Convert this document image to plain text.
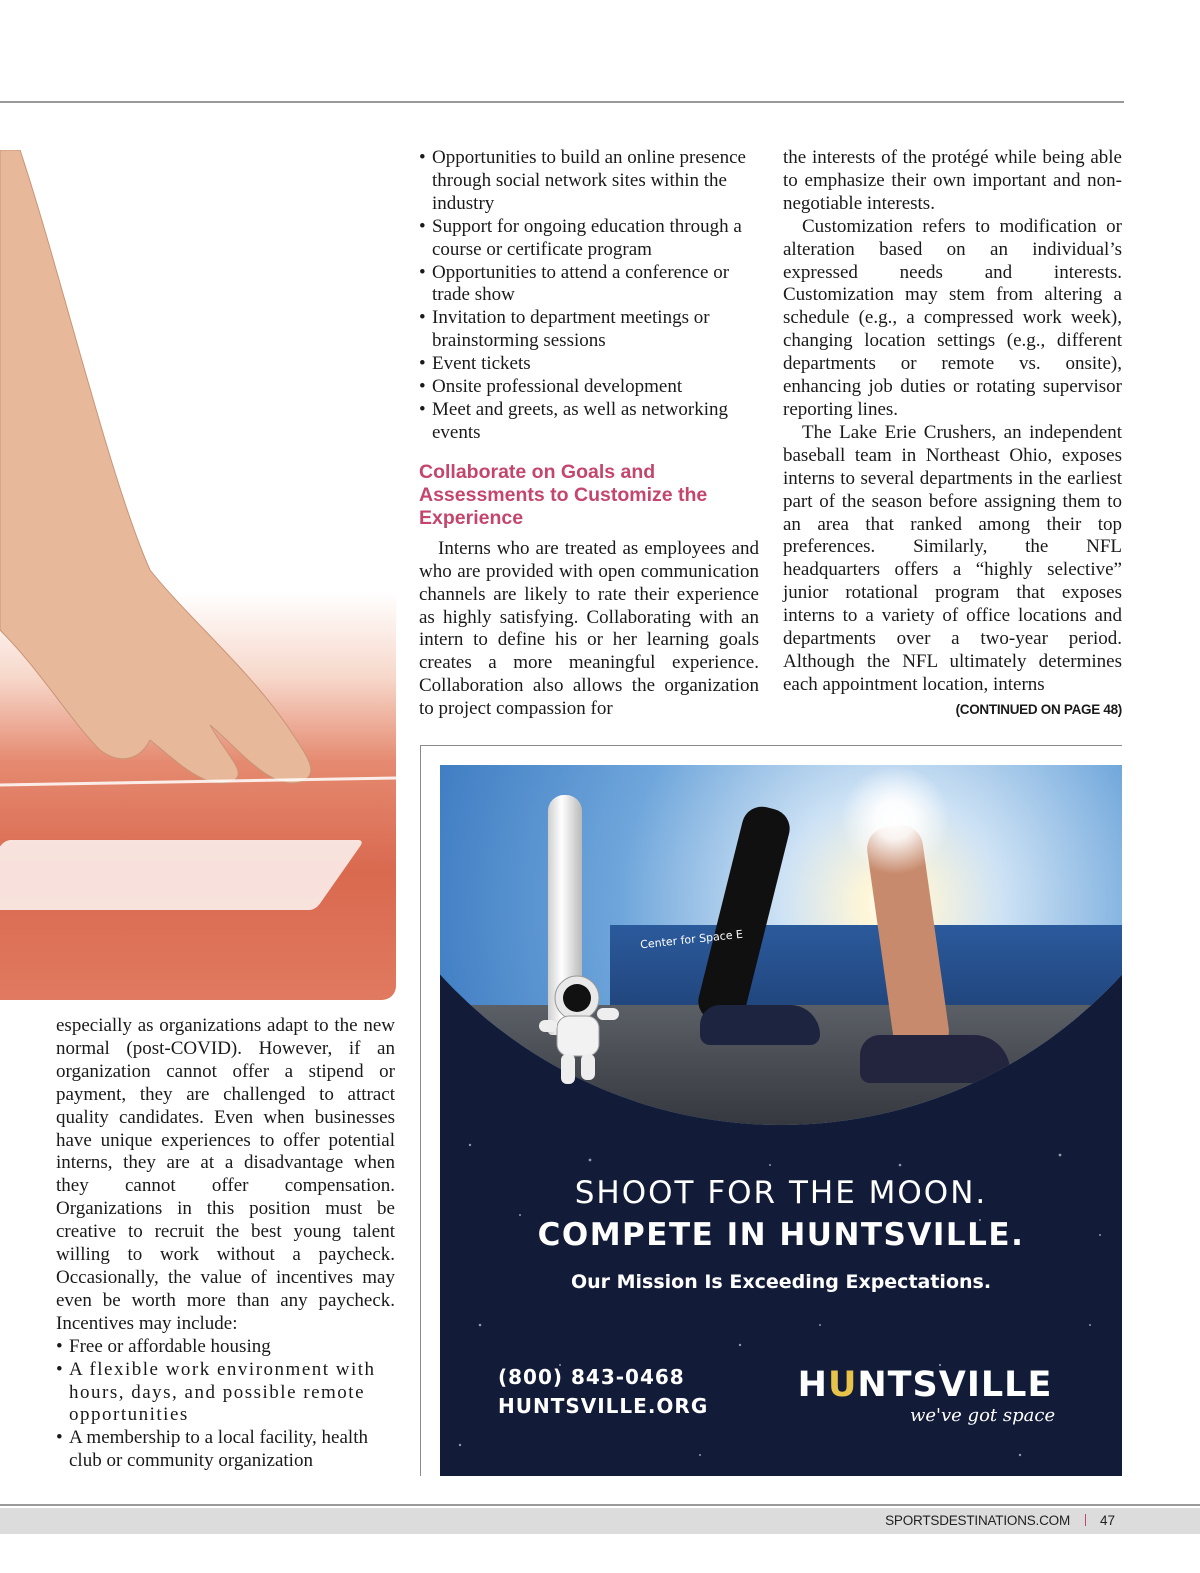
• Opportunities to build an online presence through social network sites within the industry
• Support for ongoing education through a course or certificate program
• Opportunities to attend a conference or trade show
• Invitation to department meetings or brainstorming sessions
• Event tickets
• Onsite professional development
• Meet and greets, as well as networking events
Collaborate on Goals and Assessments to Customize the Experience

Interns who are treated as employees and who are provided with open communication channels are likely to rate their experience as highly satisfying. Collaborating with an intern to define his or her learning goals creates a more meaningful experience. Collaboration also allows the organization to project compassion for

the interests of the protégé while being able to emphasize their own important and non-negotiable interests.

Customization refers to modification or alteration based on an individual’s expressed needs and interests. Customization may stem from altering a schedule (e.g., a compressed work week), changing location settings (e.g., different departments or remote vs. onsite), enhancing job duties or rotating supervisor reporting lines.

The Lake Erie Crushers, an independent baseball team in Northeast Ohio, exposes interns to several departments in the earliest part of the season before assigning them to an area that ranked among their top preferences. Similarly, the NFL headquarters offers a “highly selective” junior rotational program that exposes interns to a variety of office locations and departments over a two-year period. Although the NFL ultimately determines each appointment location, interns
(CONTINUED ON PAGE 48)

especially as organizations adapt to the new normal (post-COVID). However, if an organization cannot offer a stipend or payment, they are challenged to attract quality candidates. Even when businesses have unique experiences to offer potential interns, they are at a disadvantage when they cannot offer compensation. Organizations in this position must be creative to recruit the best young talent willing to work without a paycheck. Occasionally, the value of incentives may even be worth more than any paycheck. Incentives may include:

• Free or affordable housing
• A flexible work environment with hours, days, and possible remote opportunities
• A membership to a local facility, health club or community organization
Center for Space E
SHOOT FOR THE MOON.
COMPETE IN HUNTSVILLE.
Our Mission Is Exceeding Expectations.
(800) 843-0468
HUNTSVILLE.ORG
HUNTSVILLE
we've got space
SPORTSDESTINATIONS.COM 47
